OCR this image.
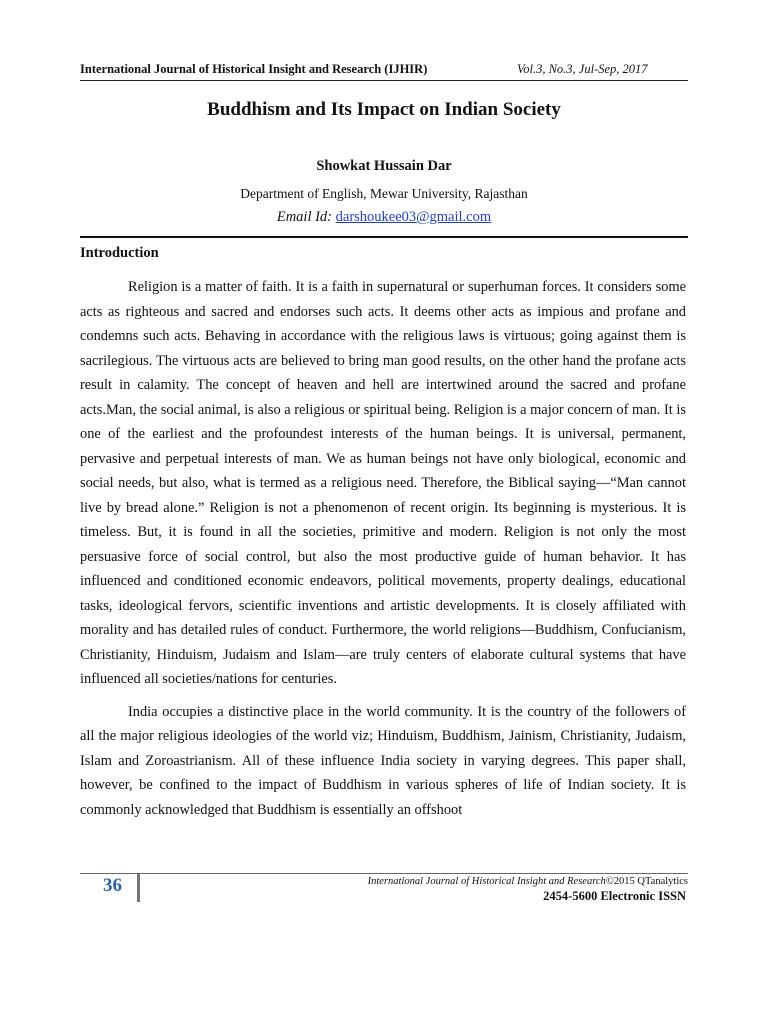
International Journal of Historical Insight and Research (IJHIR)	Vol.3, No.3, Jul-Sep, 2017
Buddhism and Its Impact on Indian Society
Showkat Hussain Dar
Department of English, Mewar University, Rajasthan
Email Id: darshoukee03@gmail.com
Introduction

Religion is a matter of faith. It is a faith in supernatural or superhuman forces. It considers some acts as righteous and sacred and endorses such acts. It deems other acts as impious and profane and condemns such acts. Behaving in accordance with the religious laws is virtuous; going against them is sacrilegious. The virtuous acts are believed to bring man good results, on the other hand the profane acts result in calamity. The concept of heaven and hell are intertwined around the sacred and profane acts.Man, the social animal, is also a religious or spiritual being. Religion is a major concern of man. It is one of the earliest and the profoundest interests of the human beings. It is universal, permanent, pervasive and perpetual interests of man. We as human beings not have only biological, economic and social needs, but also, what is termed as a religious need. Therefore, the Biblical saying—“Man cannot live by bread alone.” Religion is not a phenomenon of recent origin. Its beginning is mysterious. It is timeless. But, it is found in all the societies, primitive and modern. Religion is not only the most persuasive force of social control, but also the most productive guide of human behavior. It has influenced and conditioned economic endeavors, political movements, property dealings, educational tasks, ideological fervors, scientific inventions and artistic developments. It is closely affiliated with morality and has detailed rules of conduct. Furthermore, the world religions—Buddhism, Confucianism, Christianity, Hinduism, Judaism and Islam—are truly centers of elaborate cultural systems that have influenced all societies/nations for centuries.

India occupies a distinctive place in the world community. It is the country of the followers of all the major religious ideologies of the world viz; Hinduism, Buddhism, Jainism, Christianity, Judaism, Islam and Zoroastrianism. All of these influence India society in varying degrees. This paper shall, however, be confined to the impact of Buddhism in various spheres of life of Indian society. It is commonly acknowledged that Buddhism is essentially an offshoot

36	International Journal of Historical Insight and Research©2015 QTanalytics
2454-5600 Electronic ISSN
